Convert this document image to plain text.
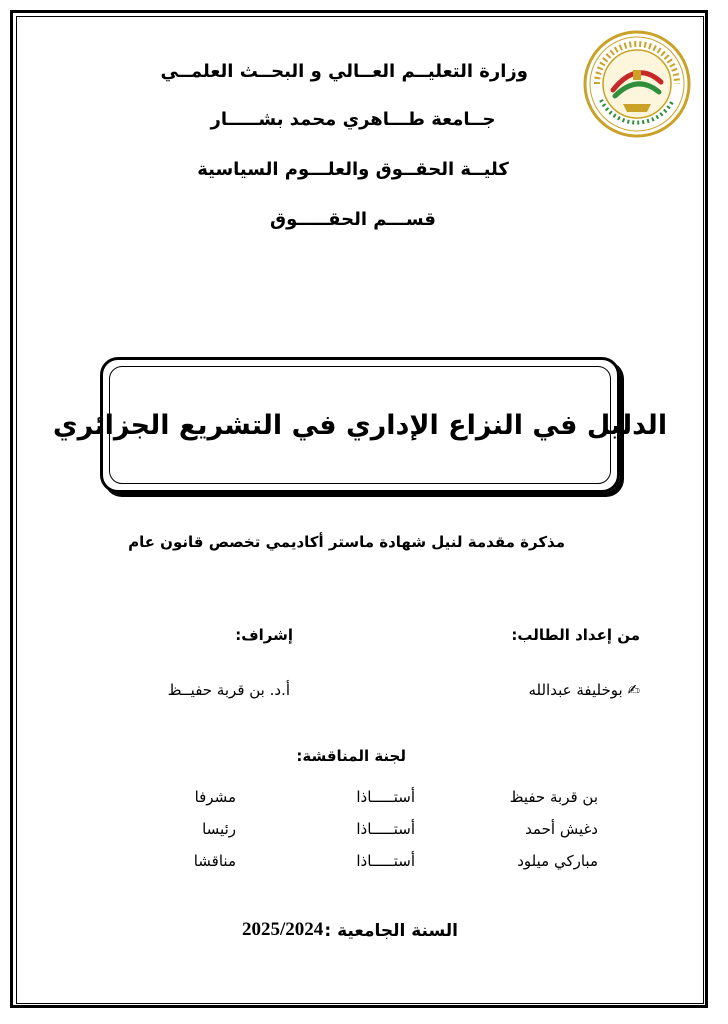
وزارة التعليــم العــالي و البحــث العلمــي
جــامعة طـــاهري محمد بشـــــار
كليــة الحقــوق والعلـــوم السياسية
قســـم الحقـــــوق
الدليل في النزاع الإداري في التشريع الجزائري
مذكرة مقدمة لنيل شهادة ماستر أكاديمي تخصص قانون عام
من إعداد الطالب:
إشراف:
✍ بوخليفة عبدالله
أ.د. بن قربة حفيــظ
لجنة المناقشة:
بن قربة حفيظ
أستـــــاذا
مشرفا
دغيش أحمد
أستـــــاذا
رئيسا
مباركي ميلود
أستـــــاذا
مناقشا
السنة الجامعية :
2025/2024
